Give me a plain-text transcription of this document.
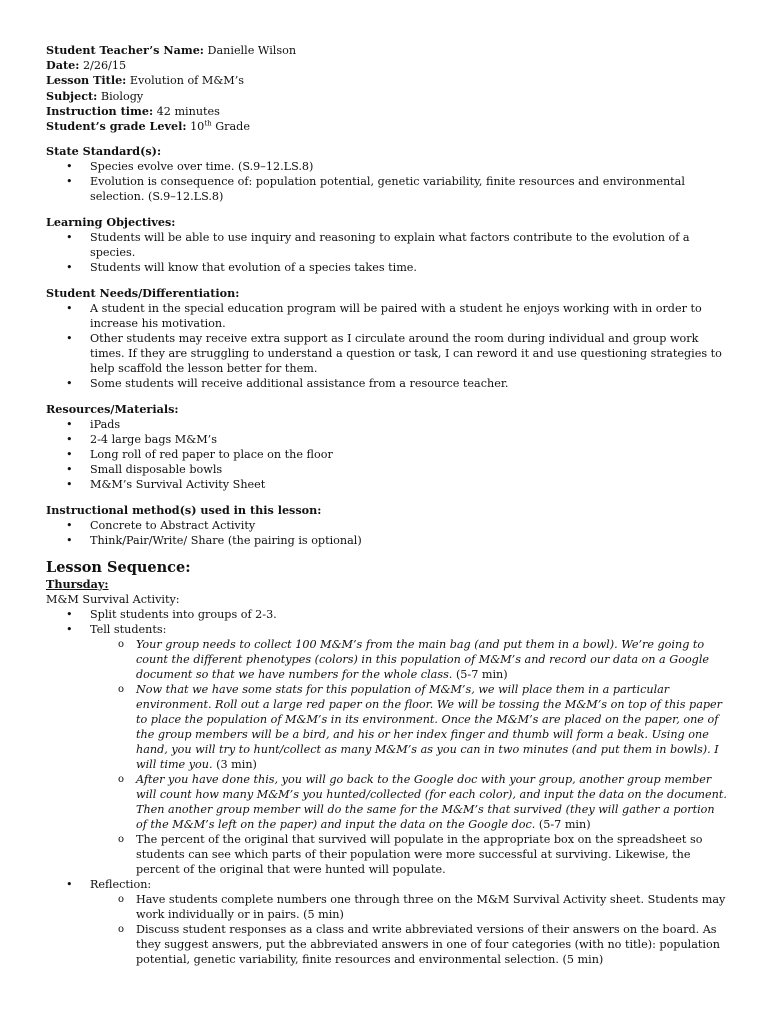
Student Teacher’s Name: Danielle Wilson
Date: 2/26/15
Lesson Title: Evolution of M&M’s
Subject: Biology
Instruction time: 42 minutes
Student’s grade Level: 10th Grade
State Standard(s):
• Species evolve over time. (S.9–12.LS.8)
• Evolution is consequence of: population potential, genetic variability, finite resources and environmental selection. (S.9–12.LS.8)
Learning Objectives:
• Students will be able to use inquiry and reasoning to explain what factors contribute to the evolution of a species.
• Students will know that evolution of a species takes time.
Student Needs/Differentiation:
• A student in the special education program will be paired with a student he enjoys working with in order to increase his motivation.
• Other students may receive extra support as I circulate around the room during individual and group work times. If they are struggling to understand a question or task, I can reword it and use questioning strategies to help scaffold the lesson better for them.
• Some students will receive additional assistance from a resource teacher.
Resources/Materials:
• iPads
• 2-4 large bags M&M’s
• Long roll of red paper to place on the floor
• Small disposable bowls
• M&M’s Survival Activity Sheet
Instructional method(s) used in this lesson:
• Concrete to Abstract Activity
• Think/Pair/Write/ Share (the pairing is optional)
Lesson Sequence:
Thursday:
M&M Survival Activity:
• Split students into groups of 2-3.
• Tell students:
o Your group needs to collect 100 M&M’s from the main bag (and put them in a bowl). We’re going to count the different phenotypes (colors) in this population of M&M’s and record our data on a Google document so that we have numbers for the whole class. (5-7 min)
o Now that we have some stats for this population of M&M’s, we will place them in a particular environment. Roll out a large red paper on the floor. We will be tossing the M&M’s on top of this paper to place the population of M&M’s in its environment. Once the M&M’s are placed on the paper, one of the group members will be a bird, and his or her index finger and thumb will form a beak. Using one hand, you will try to hunt/collect as many M&M’s as you can in two minutes (and put them in bowls). I will time you. (3 min)
o After you have done this, you will go back to the Google doc with your group, another group member will count how many M&M’s you hunted/collected (for each color), and input the data on the document. Then another group member will do the same for the M&M’s that survived (they will gather a portion of the M&M’s left on the paper) and input the data on the Google doc. (5-7 min)
o The percent of the original that survived will populate in the appropriate box on the spreadsheet so students can see which parts of their population were more successful at surviving. Likewise, the percent of the original that were hunted will populate.
• Reflection:
o Have students complete numbers one through three on the M&M Survival Activity sheet. Students may work individually or in pairs. (5 min)
o Discuss student responses as a class and write abbreviated versions of their answers on the board. As they suggest answers, put the abbreviated answers in one of four categories (with no title): population potential, genetic variability, finite resources and environmental selection. (5 min)
